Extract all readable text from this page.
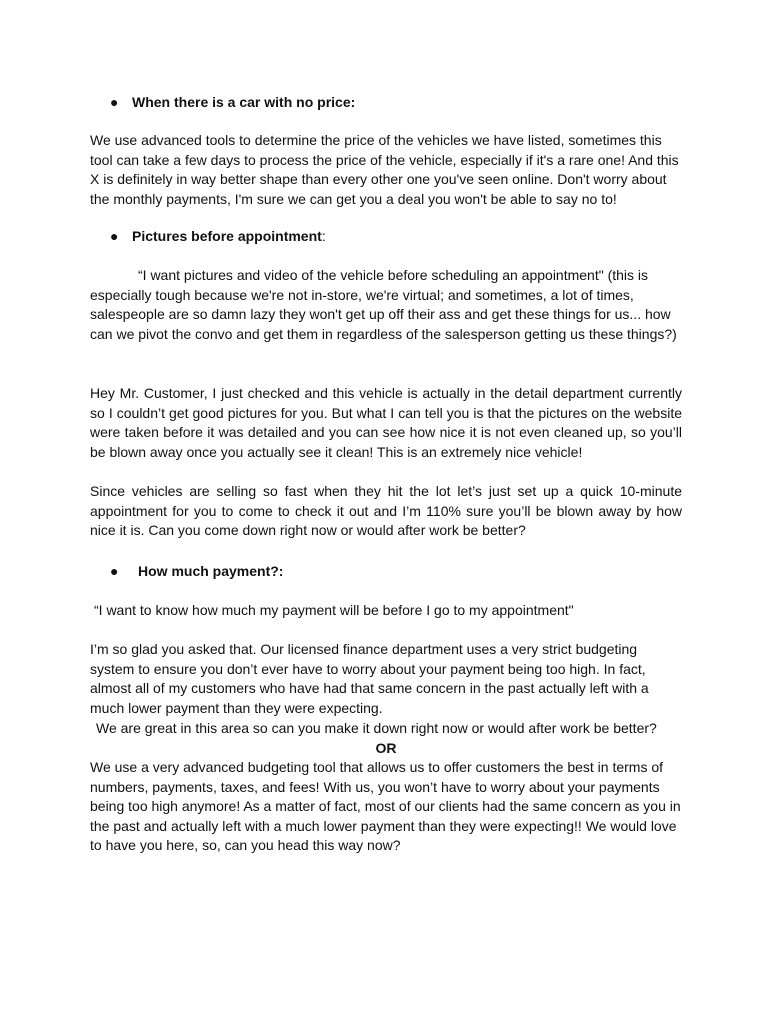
● When there is a car with no price:

We use advanced tools to determine the price of the vehicles we have listed, sometimes this tool can take a few days to process the price of the vehicle, especially if it's a rare one! And this X is definitely in way better shape than every other one you've seen online. Don't worry about the monthly payments, I'm sure we can get you a deal you won't be able to say no to!

● Pictures before appointment:

“I want pictures and video of the vehicle before scheduling an appointment" (this is especially tough because we're not in-store, we're virtual; and sometimes, a lot of times, salespeople are so damn lazy they won't get up off their ass and get these things for us... how can we pivot the convo and get them in regardless of the salesperson getting us these things?)

Hey Mr. Customer, I just checked and this vehicle is actually in the detail department currently so I couldn’t get good pictures for you. But what I can tell you is that the pictures on the website were taken before it was detailed and you can see how nice it is not even cleaned up, so you’ll be blown away once you actually see it clean! This is an extremely nice vehicle!

Since vehicles are selling so fast when they hit the lot let’s just set up a quick 10-minute appointment for you to come to check it out and I’m 110% sure you’ll be blown away by how nice it is. Can you come down right now or would after work be better?

● How much payment?:

“I want to know how much my payment will be before I go to my appointment"

I’m so glad you asked that. Our licensed finance department uses a very strict budgeting system to ensure you don’t ever have to worry about your payment being too high. In fact, almost all of my customers who have had that same concern in the past actually left with a much lower payment than they were expecting.

We are great in this area so can you make it down right now or would after work be better?

OR

We use a very advanced budgeting tool that allows us to offer customers the best in terms of numbers, payments, taxes, and fees! With us, you won’t have to worry about your payments being too high anymore! As a matter of fact, most of our clients had the same concern as you in the past and actually left with a much lower payment than they were expecting!! We would love to have you here, so, can you head this way now?
